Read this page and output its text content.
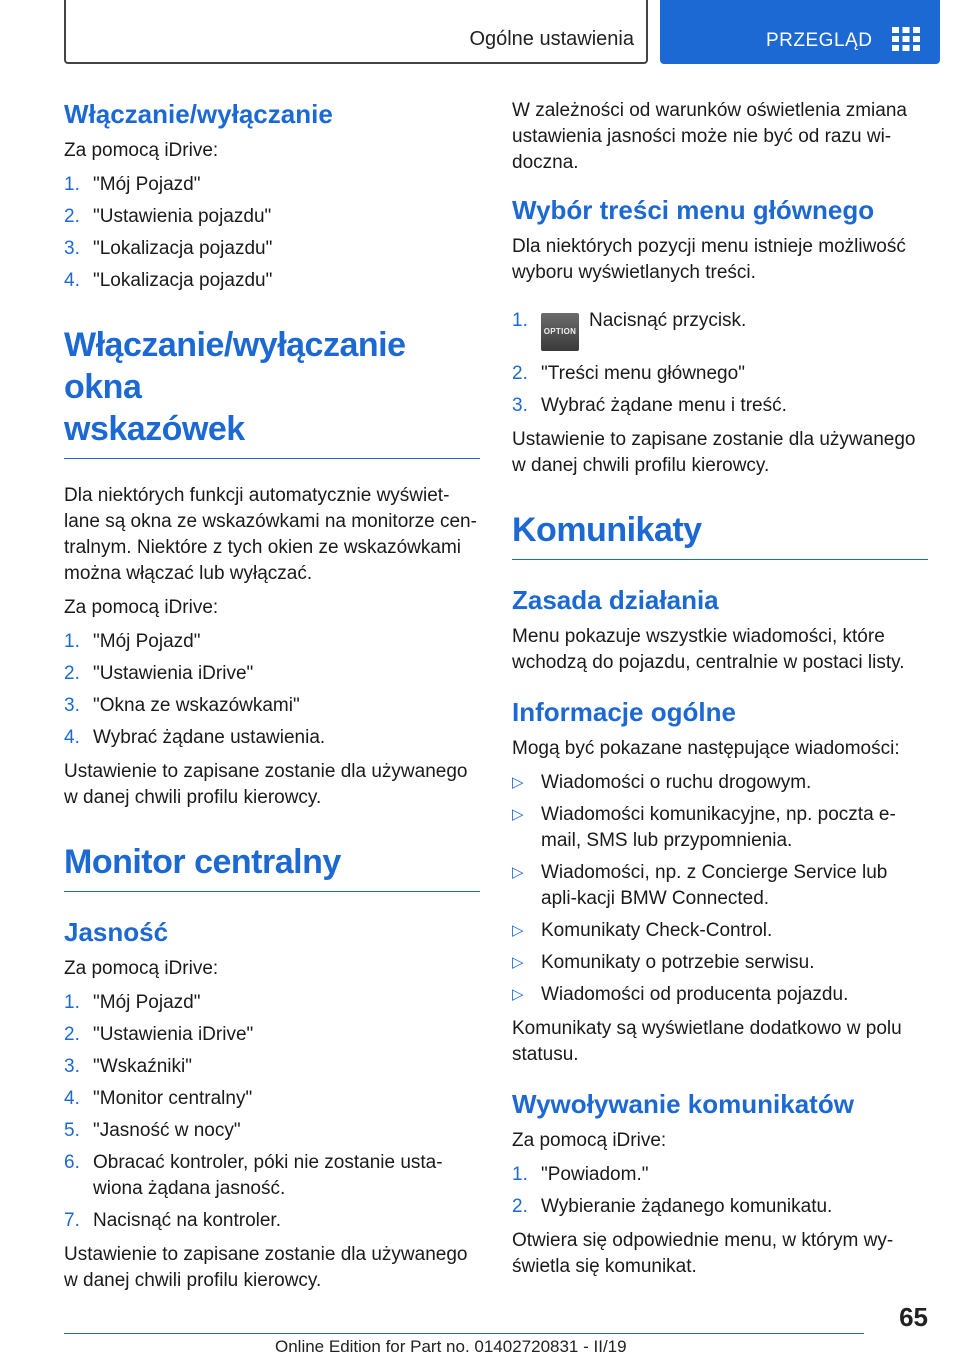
Ogólne ustawienia	PRZEGLĄD
Włączanie/wyłączanie

Za pomocą iDrive:

1. "Mój Pojazd"
2. "Ustawienia pojazdu"
3. "Lokalizacja pojazdu"
4. "Lokalizacja pojazdu"
Włączanie/wyłączanie okna
wskazówek

Dla niektórych funkcji automatycznie wyświet-lane są okna ze wskazówkami na monitorze cen-tralnym. Niektóre z tych okien ze wskazówkami można włączać lub wyłączać.

Za pomocą iDrive:

1. "Mój Pojazd"
2. "Ustawienia iDrive"
3. "Okna ze wskazówkami"
4. Wybrać żądane ustawienia.

Ustawienie to zapisane zostanie dla używanego w danej chwili profilu kierowcy.

Monitor centralny
Jasność

Za pomocą iDrive:

1. "Mój Pojazd"
2. "Ustawienia iDrive"
3. "Wskaźniki"
4. "Monitor centralny"
5. "Jasność w nocy"
6. Obracać kontroler, póki nie zostanie usta-wiona żądana jasność.
7. Nacisnąć na kontroler.

Ustawienie to zapisane zostanie dla używanego w danej chwili profilu kierowcy.

W zależności od warunków oświetlenia zmiana ustawienia jasności może nie być od razu wi-doczna.

Wybór treści menu głównego

Dla niektórych pozycji menu istnieje możliwość wyboru wyświetlanych treści.

1.
OPTIONNacisnąć przycisk.
2. "Treści menu głównego"
3. Wybrać żądane menu i treść.

Ustawienie to zapisane zostanie dla używanego w danej chwili profilu kierowcy.

Komunikaty
Zasada działania

Menu pokazuje wszystkie wiadomości, które wchodzą do pojazdu, centralnie w postaci listy.

Informacje ogólne

Mogą być pokazane następujące wiadomości:

▷ Wiadomości o ruchu drogowym.
▷ Wiadomości komunikacyjne, np. poczta e-mail, SMS lub przypomnienia.
▷ Wiadomości, np. z Concierge Service lub apli-kacji BMW Connected.
▷ Komunikaty Check-Control.
▷ Komunikaty o potrzebie serwisu.
▷ Wiadomości od producenta pojazdu.

Komunikaty są wyświetlane dodatkowo w polu statusu.

Wywoływanie komunikatów

Za pomocą iDrive:

1. "Powiadom."
2. Wybieranie żądanego komunikatu.

Otwiera się odpowiednie menu, w którym wy-świetla się komunikat.

65
Online Edition for Part no. 01402720831 - II/19
